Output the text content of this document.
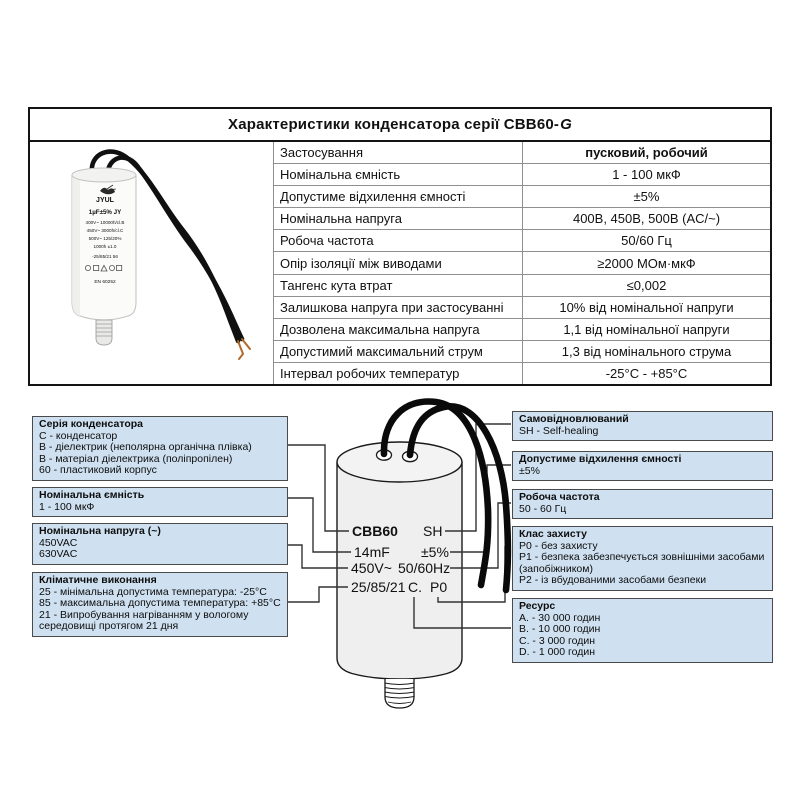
Характеристики конденсатора серії CBB60- G
JYUL
1µF±5% JY
400V~ 10000h/cl.B
450V~ 3000h/cl.C
500V~ 125/20%
1000h ±1.0
-25/85/21 56
EN 60252
Застосування	пусковий, робочий
Номінальна ємність	1 - 100 мкФ
Допустиме відхилення ємності	±5%
Номінальна напруга	400В, 450В, 500В (AC/~)
Робоча частота	50/60 Гц
Опір ізоляції між виводами	≥2000 МОм·мкФ
Тангенс кута втрат	≤0,002
Залишкова напруга при застосуванні	10% від номінальної напруги
Дозволена максимальна напруга	1,1 від номінальної напруги
Допустимий максимальний струм	1,3 від номінального струма
Інтервал робочих температур	-25°С - +85°С
CBB60 SH
14mF ±5%
450V~ 50/60Hz
25/85/21 C. P0
Серія конденсатора
C - конденсатор
B - діелектрик (неполярна органічна плівка)
B - матеріал діелектрика (поліпропілен)
60 - пластиковий корпус
Номінальна ємність
1 - 100 мкФ
Номінальна напруга (~)
450VAC
630VAC
Кліматичне виконання
25 - мінімальна допустима температура: -25°C
85 - максимальна допустима температура: +85°C
21 - Випробування нагріванням у вологому
середовищі протягом 21 дня
Самовідновлюваний
SH - Self-healing
Допустиме відхилення ємності
±5%
Робоча частота
50 - 60 Гц
Клас захисту
P0 - без захисту
P1 - безпека забезпечується зовнішніми засобами
(запобіжником)
P2 - із вбудованими засобами безпеки
Ресурс
A. - 30 000 годин
B. - 10 000 годин
C. - 3 000 годин
D. - 1 000 годин
